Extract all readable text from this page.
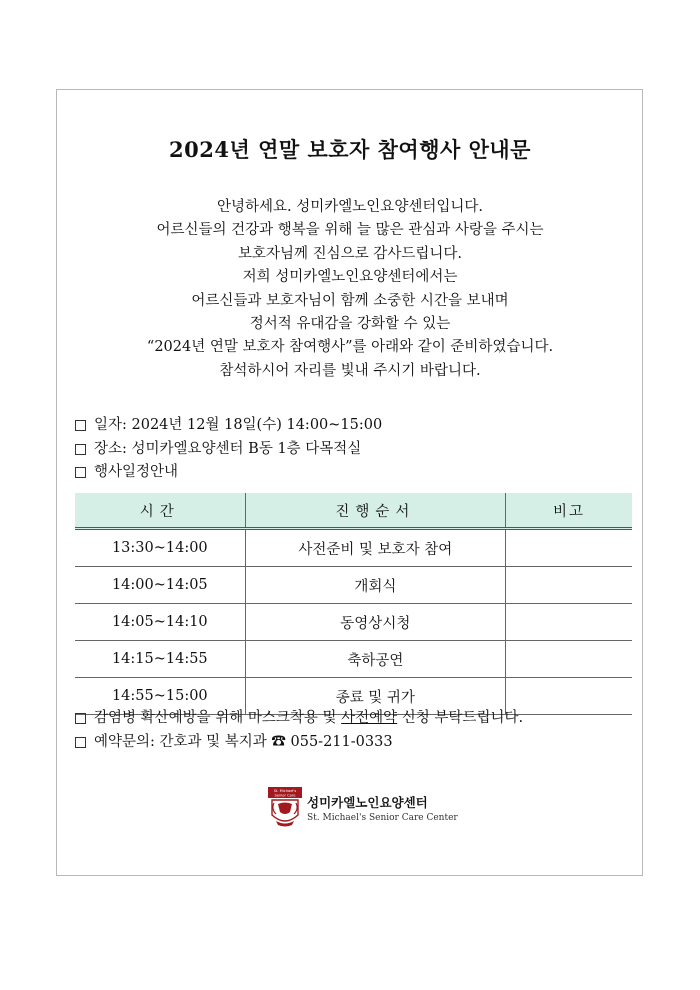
2024년 연말 보호자 참여행사 안내문
안녕하세요. 성미카엘노인요양센터입니다.
어르신들의 건강과 행복을 위해 늘 많은 관심과 사랑을 주시는
보호자님께 진심으로 감사드립니다.
저희 성미카엘노인요양센터에서는
어르신들과 보호자님이 함께 소중한 시간을 보내며
정서적 유대감을 강화할 수 있는
“2024년 연말 보호자 참여행사”를 아래와 같이 준비하였습니다.
참석하시어 자리를 빛내 주시기 바랍니다.
일자: 2024년 12월 18일(수) 14:00~15:00
장소: 성미카엘요양센터 B동 1층 다목적실
행사일정안내
시간	진행순서	비고
13:30~14:00	사전준비 및 보호자 참여	
14:00~14:05	개회식	
14:05~14:10	동영상시청	
14:15~14:55	축하공연	
14:55~15:00	종료 및 귀가	
감염병 확산예방을 위해 마스크착용 및 사전예약 신청 부탁드립니다.
예약문의: 간호과 및 복지과 ☎ 055-211-0333
St. Michael's
Senior Care 성미카엘노인요양센터
St. Michael's Senior Care Center
